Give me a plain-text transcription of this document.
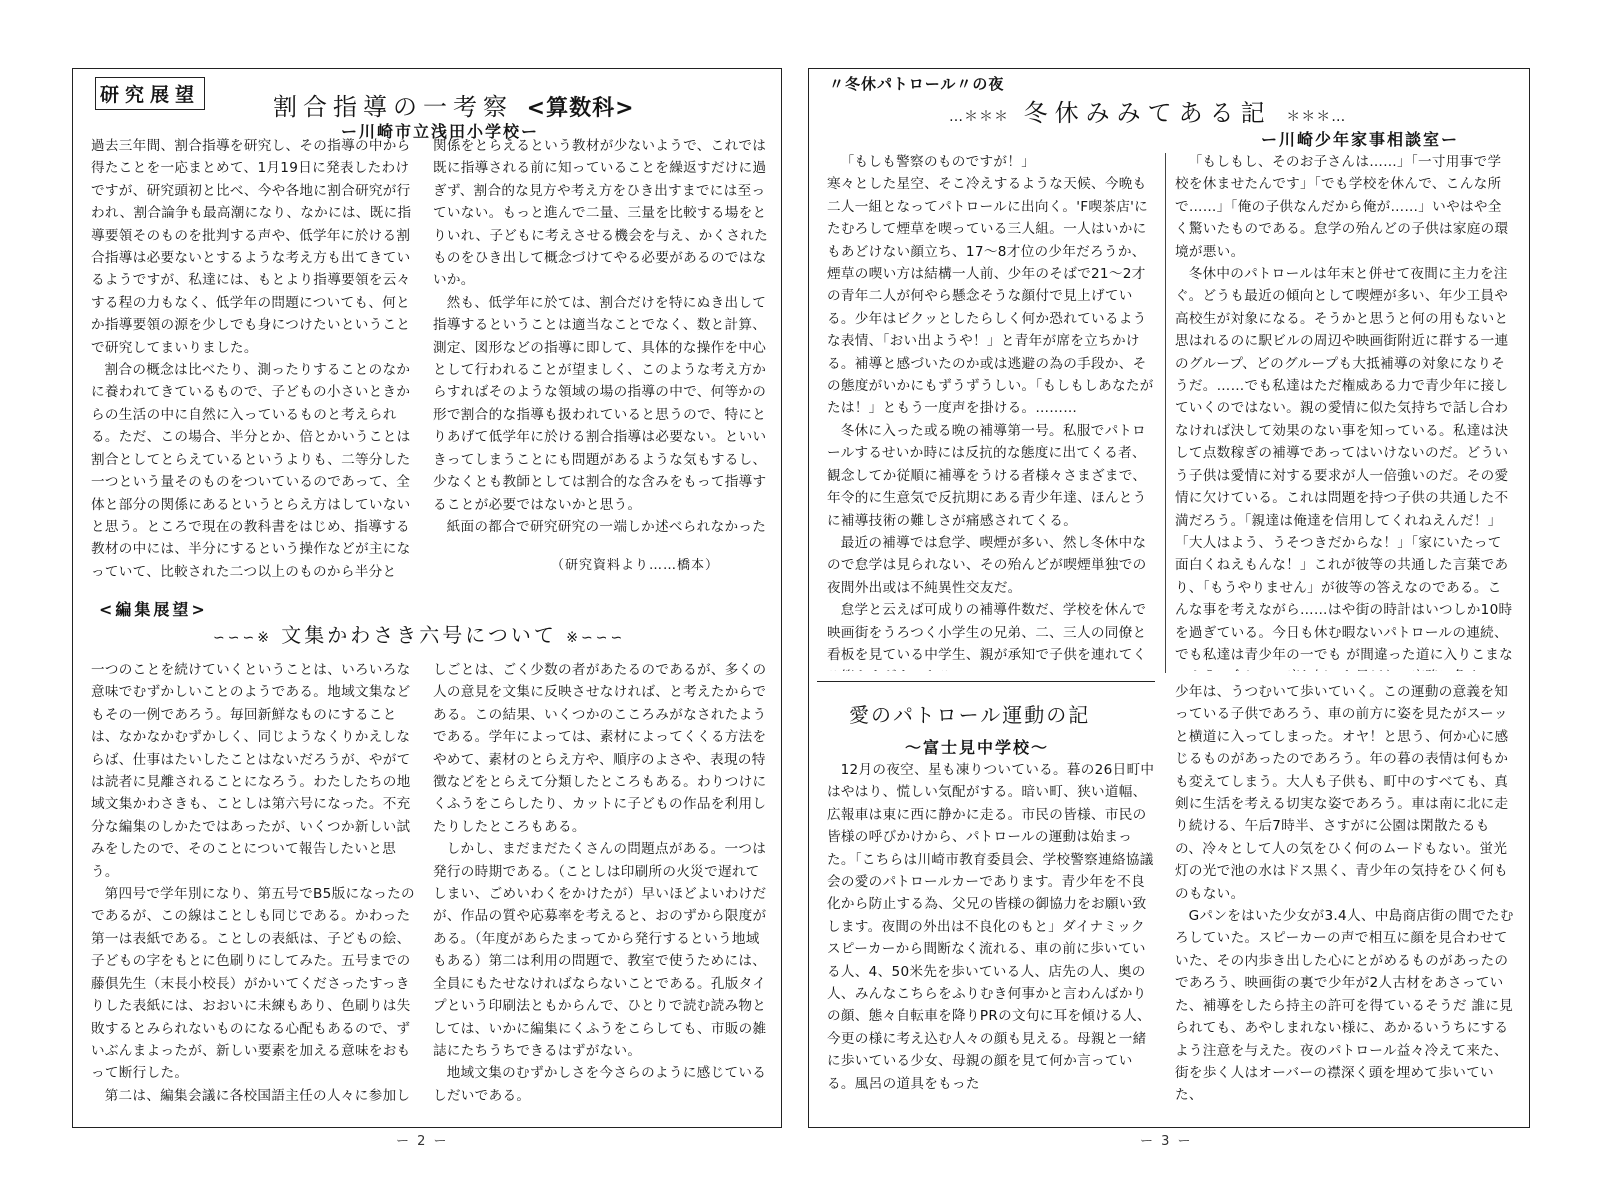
研究展望	割合指導の一考察 <算数科>
ー川崎市立浅田小学校ー

過去三年間、割合指導を研究し、その指導の中から得たことを一応まとめて、1月19日に発表したわけですが、研究頭初と比べ、今や各地に割合研究が行われ、割合論争も最高潮になり、なかには、既に指導要領そのものを批判する声や、低学年に於ける割合指導は必要ないとするような考え方も出てきているようですが、私達には、もとより指導要領を云々する程の力もなく、低学年の問題についても、何とか指導要領の源を少しでも身につけたいということで研究してまいりました。

割合の概念は比べたり、測ったりすることのなかに養われてきているもので、子どもの小さいときからの生活の中に自然に入っているものと考えられる。ただ、この場合、半分とか、倍とかいうことは割合としてとらえているというよりも、二等分した一つという量そのものをついているのであって、全体と部分の関係にあるというとらえ方はしていないと思う。ところで現在の教科書をはじめ、指導する教材の中には、半分にするという操作などが主になっていて、比較された二つ以上のものから半分と

関係をとらえるという教材が少ないようで、これでは既に指導される前に知っていることを繰返すだけに過ぎず、割合的な見方や考え方をひき出すまでには至っていない。もっと進んで二量、三量を比較する場をとりいれ、子どもに考えさせる機会を与え、かくされたものをひき出して概念づけてやる必要があるのではないか。

然も、低学年に於ては、割合だけを特にぬき出して指導するということは適当なことでなく、数と計算、測定、図形などの指導に即して、具体的な操作を中心として行われることが望ましく、このような考え方からすればそのような領域の場の指導の中で、何等かの形で割合的な指導も扱われていると思うので、特にとりあげて低学年に於ける割合指導は必要ない。といいきってしまうことにも問題があるような気もするし、少なくとも教師としては割合的な含みをもって指導することが必要ではないかと思う。

紙面の都合で研究研究の一端しか述べられなかった

（研究資料より……橋本）
<編集展望>
∽∽∽※ 文集かわさき六号について ※∽∽∽

一つのことを続けていくということは、いろいろな意味でむずかしいことのようである。地域文集などもその一例であろう。毎回新鮮なものにすることは、なかなかむずかしく、同じようなくりかえしならば、仕事はたいしたことはないだろうが、やがては読者に見離されることになろう。わたしたちの地域文集かわさきも、ことしは第六号になった。不充分な編集のしかたではあったが、いくつか新しい試みをしたので、そのことについて報告したいと思う。

第四号で学年別になり、第五号でB5版になったのであるが、この線はことしも同じである。かわった第一は表紙である。ことしの表紙は、子どもの絵、子どもの字をもとに色刷りにしてみた。五号までの藤倶先生（末長小校長）がかいてくださったすっきりした表紙には、おおいに未練もあり、色刷りは失敗するとみられないものになる心配もあるので、ずいぶんまよったが、新しい要素を加える意味をおもって断行した。

第二は、編集会議に各校国語主任の人々に参加し

しごとは、ごく少数の者があたるのであるが、多くの人の意見を文集に反映させなければ、と考えたからである。この結果、いくつかのこころみがなされたようである。学年によっては、素材によってくくる方法をやめて、素材のとらえ方や、順序のよさや、表現の特徴などをとらえて分類したところもある。わりつけにくふうをこらしたり、カットに子どもの作品を利用したりしたところもある。

しかし、まだまだたくさんの問題点がある。一つは発行の時期である。（ことしは印刷所の火災で遅れてしまい、ごめいわくをかけたが）早いほどよいわけだが、作品の質や応募率を考えると、おのずから限度がある。（年度があらたまってから発行するという地域もある）第二は利用の問題で、教室で使うためには、全員にもたせなければならないことである。孔版タイプという印刷法ともからんで、ひとりで読む読み物としては、いかに編集にくふうをこらしても、市販の雑誌にたちうちできるはずがない。

地域文集のむずかしさを今さらのように感じているしだいである。

ー 2 ー
〃冬休パトロール〃の夜
…＊＊＊ 冬休みみてある記 ＊＊＊…
ー川崎少年家事相談室ー

「もしも警察のものですが！」

寒々とした星空、そこ冷えするような天候、今晩も二人一組となってパトロールに出向く。'F喫茶店'にたむろして煙草を喫っている三人組。一人はいかにもあどけない顔立ち、17〜8才位の少年だろうか、煙草の喫い方は結構一人前、少年のそばで21〜2才の青年二人が何やら懸念そうな顔付で見上げている。少年はビクッとしたらしく何か恐れているような表情、「おい出ようや！」と青年が席を立ちかける。補導と感づいたのか或は逃避の為の手段か、その態度がいかにもずうずうしい。「もしもしあなたがたは！」ともう一度声を掛ける。………

冬休に入った或る晩の補導第一号。私服でパトロールするせいか時には反抗的な態度に出てくる者、観念してか従順に補導をうける者様々さまざまで、年令的に生意気で反抗期にある青少年達、ほんとうに補導技術の難しさが痛感されてくる。

最近の補導では怠学、喫煙が多い、然し冬休中なので怠学は見られない、その殆んどが喫煙単独での夜間外出或は不純異性交友だ。

怠学と云えば可成りの補導件数だ、学校を休んで映画街をうろつく小学生の兄弟、二、三人の同僚と看板を見ている中学生、親が承知で子供を連れてく

「もしもし、そのお子さんは……」「一寸用事で学校を休ませたんです」「でも学校を休んで、こんな所で……」「俺の子供なんだから俺が……」いやはや全く驚いたものである。怠学の殆んどの子供は家庭の環境が悪い。

冬休中のパトロールは年末と併せて夜間に主力を注ぐ。どうも最近の傾向として喫煙が多い、年少工員や高校生が対象になる。そうかと思うと何の用もないと思はれるのに駅ビルの周辺や映画街附近に群する一連のグループ、どのグループも大抵補導の対象になりそうだ。……でも私達はただ権威ある力で青少年に接していくのではない。親の愛情に似た気持ちで話し合わなければ決して効果のない事を知っている。私達は決して点数稼ぎの補導であってはいけないのだ。どういう子供は愛情に対する要求が人一倍強いのだ。その愛情に欠けている。これは問題を持つ子供の共通した不満だろう。「親達は俺達を信用してくれねえんだ！」「大人はよう、うそつきだからな！」「家にいたって面白くねえもんな！」これが彼等の共通した言葉であり、「もうやりません」が彼等の答えなのである。こんな事を考えながら……はや街の時計はいつしか10時を過ぎている。今日も休む暇ないパトロールの連続、でも私達は青少年の一でも が間違った道に入りこまな

愛のパトロール運動の記
〜富士見中学校〜

12月の夜空、星も凍りついている。暮の26日町中はやはり、慌しい気配がする。暗い町、狭い道幅、広報車は東に西に静かに走る。市民の皆様、市民の皆様の呼びかけから、パトロールの運動は始まった。「こちらは川崎市教育委員会、学校警察連絡協議会の愛のパトロールカーであります。青少年を不良化から防止する為、父兄の皆様の御協力をお願い致します。夜間の外出は不良化のもと」ダイナミックスピーカーから間断なく流れる、車の前に歩いている人、4、50米先を歩いている人、店先の人、奥の人、みんなこちらをふりむき何事かと言わんばかりの顔、態々自転車を降りPRの文句に耳を傾ける人、今更の様に考え込む人々の顔も見える。母親と一緒に歩いている少女、母親の顔を見て何か言っている。風呂の道具をもった

少年は、うつむいて歩いていく。この運動の意義を知っている子供であろう、車の前方に姿を見たがスーッと横道に入ってしまった。オヤ！と思う、何か心に感じるものがあったのであろう。年の暮の表情は何もかも変えてしまう。大人も子供も、町中のすべても、真剣に生活を考える切実な姿であろう。車は南に北に走り続ける、午后7時半、さすがに公園は閑散たるもの、冷々として人の気をひく何のムードもない。蛍光灯の光で池の水はドス黒く、青少年の気持をひく何ものもない。

Gパンをはいた少女が3.4人、中島商店街の間でたむろしていた。スピーカーの声で相互に顔を見合わせていた、その内歩き出した心にとがめるものがあったのであろう、映画街の裏で少年が2人古材をあさっていた、補導をしたら持主の許可を得ているそうだ 誰に見られても、あやしまれない様に、あかるいうちにするよう注意を与えた。夜のパトロール益々冷えて来た、街を歩く人はオーバーの襟深く頭を埋めて歩いていた、

ー 3 ー
